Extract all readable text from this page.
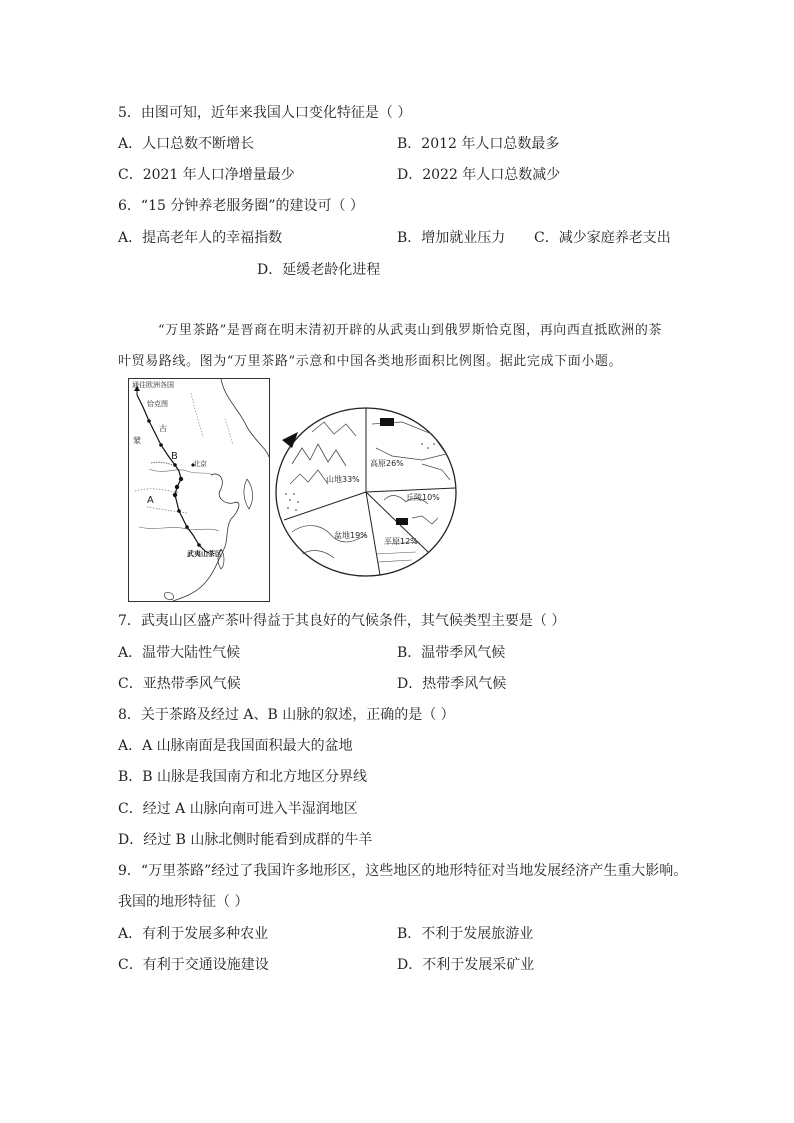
5．由图可知，近年来我国人口变化特征是（ ）
A．人口总数不断增长	B．2012 年人口总数最多
C．2021 年人口净增量最少	D．2022 年人口总数减少
6．“15 分钟养老服务圈”的建设可（ ）
A．提高老年人的幸福指数	B．增加就业压力 C．减少家庭养老支出
D．延缓老龄化进程
“万里茶路”是晋商在明末清初开辟的从武夷山到俄罗斯恰克图，再向西直抵欧洲的茶
叶贸易路线。图为“万里茶路”示意和中国各类地形面积比例图。据此完成下面小题。
通往欧洲各国
恰克图
古
蒙
北京
B
A
武夷山茶区
高原26%
山地33%
丘陵10%
盆地19%
平原12%
7．武夷山区盛产茶叶得益于其良好的气候条件，其气候类型主要是（ ）
A．温带大陆性气候	B．温带季风气候
C．亚热带季风气候	D．热带季风气候
8．关于茶路及经过 A、B 山脉的叙述，正确的是（ ）
A．A 山脉南面是我国面积最大的盆地
B．B 山脉是我国南方和北方地区分界线
C．经过 A 山脉向南可进入半湿润地区
D．经过 B 山脉北侧时能看到成群的牛羊
9．“万里茶路”经过了我国许多地形区，这些地区的地形特征对当地发展经济产生重大影响。
我国的地形特征（ ）
A．有利于发展多种农业	B．不利于发展旅游业
C．有利于交通设施建设	D．不利于发展采矿业
